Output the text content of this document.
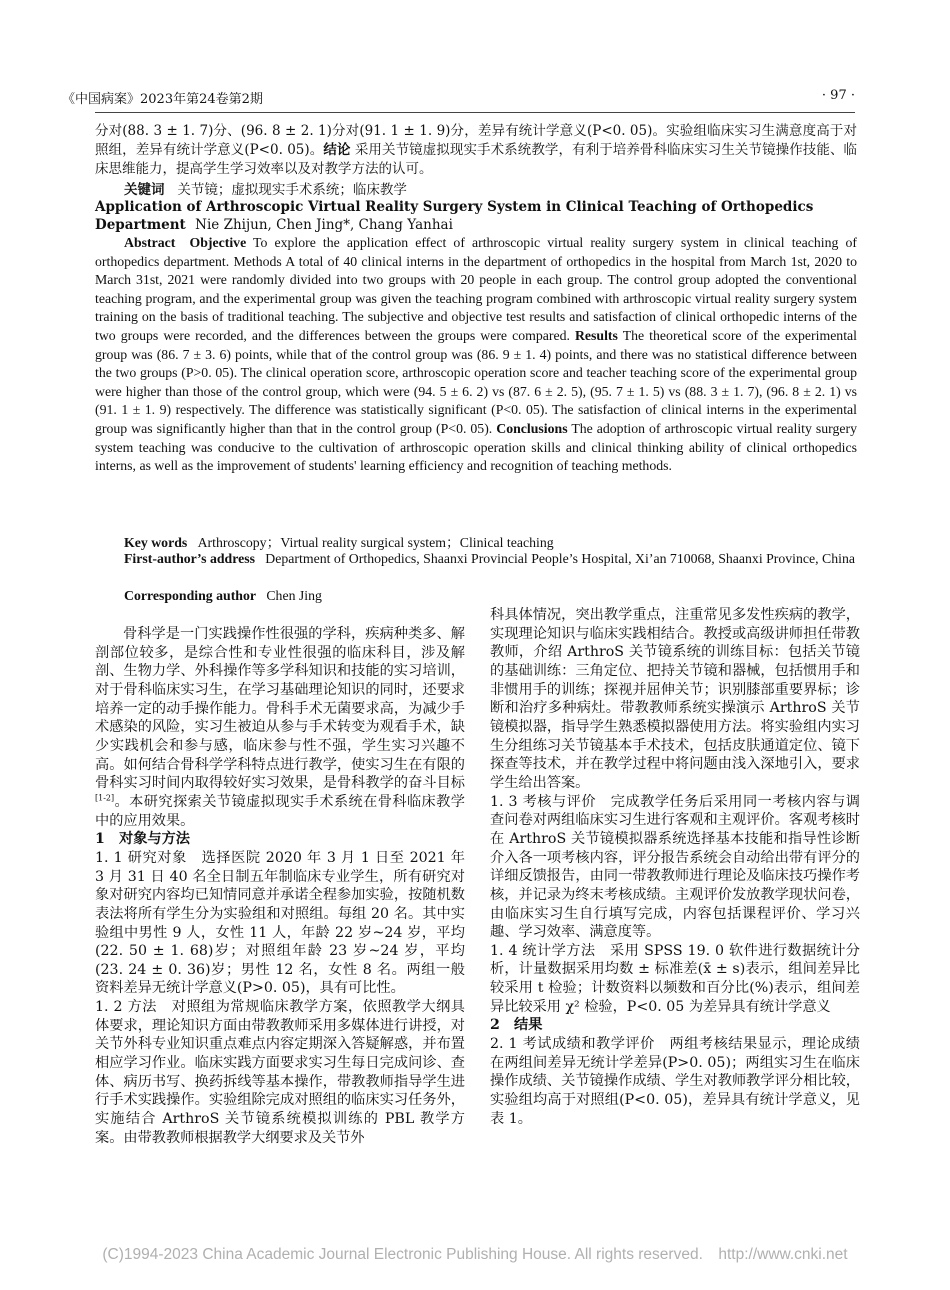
《中国病案》2023年第24卷第2期	· 97 ·
分对(88. 3 ± 1. 7)分、(96. 8 ± 2. 1)分对(91. 1 ± 1. 9)分，差异有统计学意义(P<0. 05)。实验组临床实习生满意度高于对照组，差异有统计学意义(P<0. 05)。结论 采用关节镜虚拟现实手术系统教学，有利于培养骨科临床实习生关节镜操作技能、临床思维能力，提高学生学习效率以及对教学方法的认可。
关键词 关节镜；虚拟现实手术系统；临床教学
Application of Arthroscopic Virtual Reality Surgery System in Clinical Teaching of Orthopedics Department Nie Zhijun, Chen Jing*, Chang Yanhai
Abstract Objective To explore the application effect of arthroscopic virtual reality surgery system in clinical teaching of orthopedics department. Methods A total of 40 clinical interns in the department of orthopedics in the hospital from March 1st, 2020 to March 31st, 2021 were randomly divided into two groups with 20 people in each group. The control group adopted the conventional teaching program, and the experimental group was given the teaching program combined with arthroscopic virtual reality surgery system training on the basis of traditional teaching. The subjective and objective test results and satisfaction of clinical orthopedic interns of the two groups were recorded, and the differences between the groups were compared. Results The theoretical score of the experimental group was (86. 7 ± 3. 6) points, while that of the control group was (86. 9 ± 1. 4) points, and there was no statistical difference between the two groups (P>0. 05). The clinical operation score, arthroscopic operation score and teacher teaching score of the experimental group were higher than those of the control group, which were (94. 5 ± 6. 2) vs (87. 6 ± 2. 5), (95. 7 ± 1. 5) vs (88. 3 ± 1. 7), (96. 8 ± 2. 1) vs (91. 1 ± 1. 9) respectively. The difference was statistically significant (P<0. 05). The satisfaction of clinical interns in the experimental group was significantly higher than that in the control group (P<0. 05). Conclusions The adoption of arthroscopic virtual reality surgery system teaching was conducive to the cultivation of arthroscopic operation skills and clinical thinking ability of clinical orthopedics interns, as well as the improvement of students' learning efficiency and recognition of teaching methods.
Key words Arthroscopy；Virtual reality surgical system；Clinical teaching
First-author’s address Department of Orthopedics, Shaanxi Provincial People’s Hospital, Xi’an 710068, Shaanxi Province, China
Corresponding author Chen Jing

骨科学是一门实践操作性很强的学科，疾病种类多、解剖部位较多，是综合性和专业性很强的临床科目，涉及解剖、生物力学、外科操作等多学科知识和技能的实习培训，对于骨科临床实习生，在学习基础理论知识的同时，还要求培养一定的动手操作能力。骨科手术无菌要求高，为减少手术感染的风险，实习生被迫从参与手术转变为观看手术，缺少实践机会和参与感，临床参与性不强，学生实习兴趣不高。如何结合骨科学学科特点进行教学，使实习生在有限的骨科实习时间内取得较好实习效果，是骨科教学的奋斗目标[1-2]。本研究探索关节镜虚拟现实手术系统在骨科临床教学中的应用效果。

1　对象与方法

1. 1 研究对象　选择医院 2020 年 3 月 1 日至 2021 年 3 月 31 日 40 名全日制五年制临床专业学生，所有研究对象对研究内容均已知情同意并承诺全程参加实验，按随机数表法将所有学生分为实验组和对照组。每组 20 名。其中实验组中男性 9 人，女性 11 人，年龄 22 岁~24 岁，平均(22. 50 ± 1. 68)岁；对照组年龄 23 岁~24 岁，平均(23. 24 ± 0. 36)岁；男性 12 名，女性 8 名。两组一般资料差异无统计学意义(P>0. 05)，具有可比性。

1. 2 方法　对照组为常规临床教学方案，依照教学大纲具体要求，理论知识方面由带教教师采用多媒体进行讲授，对关节外科专业知识重点难点内容定期深入答疑解惑，并布置相应学习作业。临床实践方面要求实习生每日完成问诊、查体、病历书写、换药拆线等基本操作，带教教师指导学生进行手术实践操作。实验组除完成对照组的临床实习任务外，实施结合 ArthroS 关节镜系统模拟训练的 PBL 教学方案。由带教教师根据教学大纲要求及关节外

科具体情况，突出教学重点，注重常见多发性疾病的教学，实现理论知识与临床实践相结合。教授或高级讲师担任带教教师，介绍 ArthroS 关节镜系统的训练目标：包括关节镜的基础训练：三角定位、把持关节镜和器械，包括惯用手和非惯用手的训练；探视并屈伸关节；识别膝部重要界标；诊断和治疗多种病灶。带教教师系统实操演示 ArthroS 关节镜模拟器，指导学生熟悉模拟器使用方法。将实验组内实习生分组练习关节镜基本手术技术，包括皮肤通道定位、镜下探查等技术，并在教学过程中将问题由浅入深地引入，要求学生给出答案。

1. 3 考核与评价　完成教学任务后采用同一考核内容与调查问卷对两组临床实习生进行客观和主观评价。客观考核时在 ArthroS 关节镜模拟器系统选择基本技能和指导性诊断介入各一项考核内容，评分报告系统会自动给出带有评分的详细反馈报告，由同一带教教师进行理论及临床技巧操作考核，并记录为终末考核成绩。主观评价发放教学现状问卷，由临床实习生自行填写完成，内容包括课程评价、学习兴趣、学习效率、满意度等。

1. 4 统计学方法　采用 SPSS 19. 0 软件进行数据统计分析，计量数据采用均数 ± 标准差(x̄ ± s)表示，组间差异比较采用 t 检验；计数资料以频数和百分比(%)表示，组间差异比较采用 χ² 检验，P<0. 05 为差异具有统计学意义

2　结果

2. 1 考试成绩和教学评价　两组考核结果显示，理论成绩在两组间差异无统计学差异(P>0. 05)；两组实习生在临床操作成绩、关节镜操作成绩、学生对教师教学评分相比较，实验组均高于对照组(P<0. 05)，差异具有统计学意义，见表 1。

(C)1994-2023 China Academic Journal Electronic Publishing House. All rights reserved.　http://www.cnki.net
